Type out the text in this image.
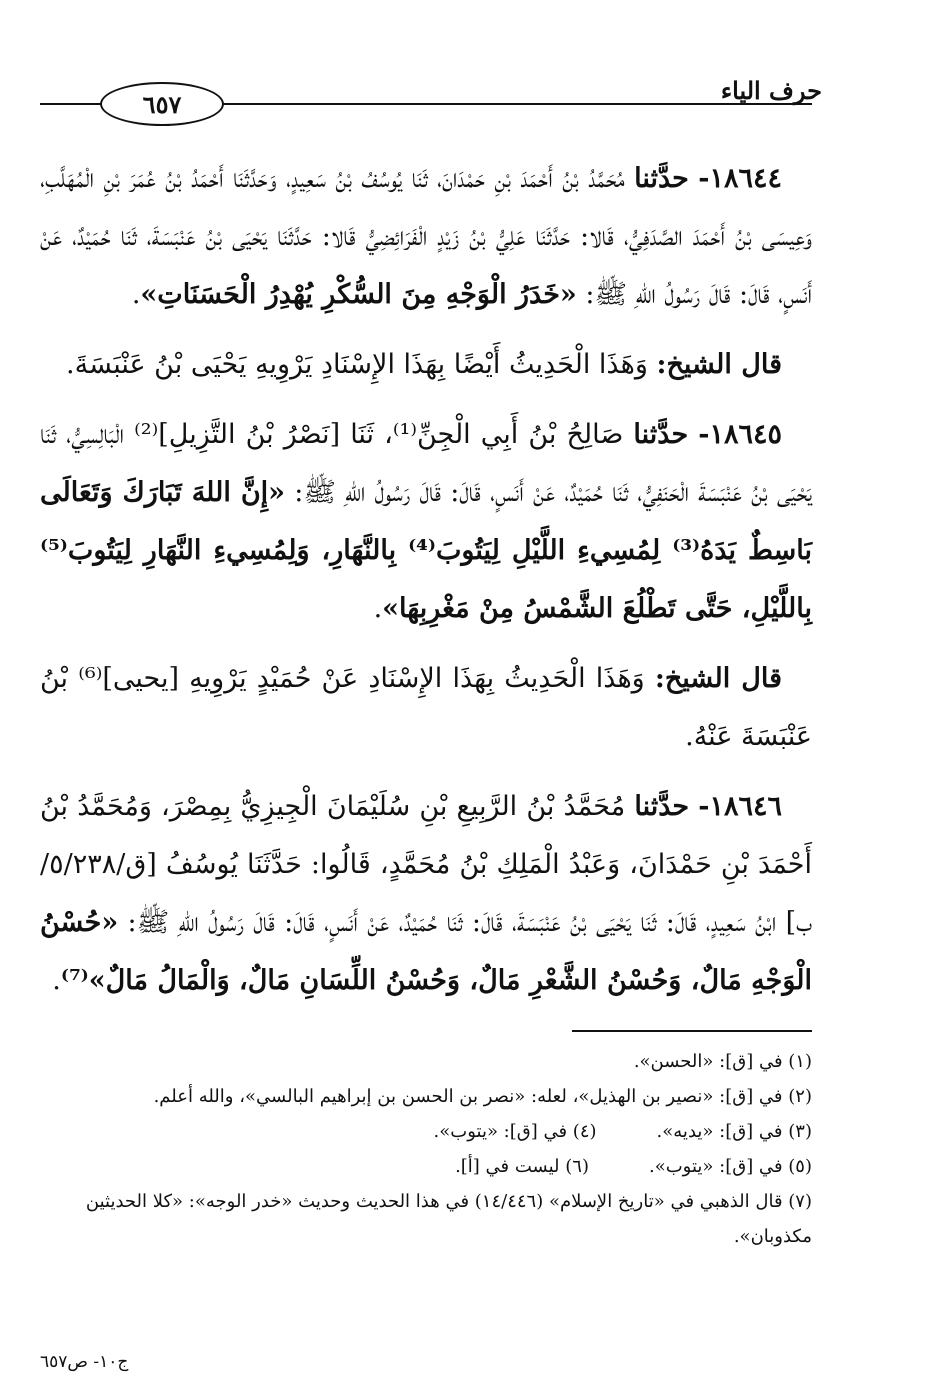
حرف الياء
٦٥٧

١٨٦٤٤- حدَّثنا مُحَمَّدُ بْنُ أَحْمَدَ بْنِ حَمْدَانَ، ثَنَا يُوسُفُ بْنُ سَعِيدٍ، وَحَدَّثَنَا أَحْمَدُ بْنُ عُمَرَ بْنِ الْمُهَلَّبِ، وَعِيسَى بْنُ أَحْمَدَ الصَّدَفِيُّ، قَالا: حَدَّثَنَا عَلِيُّ بْنُ زَيْدٍ الْفَرَائِضِيُّ قَالا: حَدَّثَنَا يَحْيَى بْنُ عَنْبَسَةَ، ثَنَا حُمَيْدٌ، عَنْ أَنَسٍ، قَالَ: قَالَ رَسُولُ اللهِ ﷺ: «خَدَرُ الْوَجْهِ مِنَ السُّكْرِ يُهْدِرُ الْحَسَنَاتِ».

قال الشيخ: وَهَذَا الْحَدِيثُ أَيْضًا بِهَذَا الإِسْنَادِ يَرْوِيهِ يَحْيَى بْنُ عَنْبَسَةَ.

١٨٦٤٥- حدَّثنا صَالِحُ بْنُ أَبِي الْجِنِّ⁽¹⁾، ثَنَا [نَصْرُ بْنُ التَّزِيلِ]⁽²⁾ الْبَالِسِيُّ، ثَنَا يَحْيَى بْنُ عَنْبَسَةَ الْحَنَفِيُّ، ثَنَا حُمَيْدٌ، عَنْ أَنَسٍ، قَالَ: قَالَ رَسُولُ اللهِ ﷺ: «إِنَّ اللهَ تَبَارَكَ وَتَعَالَى بَاسِطٌ يَدَهُ⁽³⁾ لِمُسِيءِ اللَّيْلِ لِيَتُوبَ⁽⁴⁾ بِالنَّهَارِ، وَلِمُسِيءِ النَّهَارِ لِيَتُوبَ⁽⁵⁾ بِاللَّيْلِ، حَتَّى تَطْلُعَ الشَّمْسُ مِنْ مَغْرِبِهَا».

قال الشيخ: وَهَذَا الْحَدِيثُ بِهَذَا الإِسْنَادِ عَنْ حُمَيْدٍ يَرْوِيهِ [يحيى]⁽⁶⁾ بْنُ عَنْبَسَةَ عَنْهُ.

١٨٦٤٦- حدَّثنا مُحَمَّدُ بْنُ الرَّبِيعِ بْنِ سُلَيْمَانَ الْجِيزِيُّ بِمِصْرَ، وَمُحَمَّدُ بْنُ أَحْمَدَ بْنِ حَمْدَانَ، وَعَبْدُ الْمَلِكِ بْنُ مُحَمَّدٍ، قَالُوا: حَدَّثَنَا يُوسُفُ [ق/٥/٢٣٨/ب] ابْنُ سَعِيدٍ، قَالَ: ثَنَا يَحْيَى بْنُ عَنْبَسَةَ، قَالَ: ثَنَا حُمَيْدٌ، عَنْ أَنَسٍ، قَالَ: قَالَ رَسُولُ اللهِ ﷺ: «حُسْنُ الْوَجْهِ مَالٌ، وَحُسْنُ الشَّعْرِ مَالٌ، وَحُسْنُ اللِّسَانِ مَالٌ، وَالْمَالُ مَالٌ»⁽⁷⁾.

(١) في [ق]: «الحسن».
(٢) في [ق]: «نصير بن الهذيل»، لعله: «نصر بن الحسن بن إبراهيم البالسي»، والله أعلم.
(٣) في [ق]: «يديه».
(٤) في [ق]: «يتوب».
(٥) في [ق]: «يتوب».
(٦) ليست في [أ].
(٧) قال الذهبي في «تاريخ الإسلام» (١٤/٤٤٦) في هذا الحديث وحديث «خدر الوجه»: «كلا الحديثين مكذوبان».
ج١٠- ص٦٥٧
